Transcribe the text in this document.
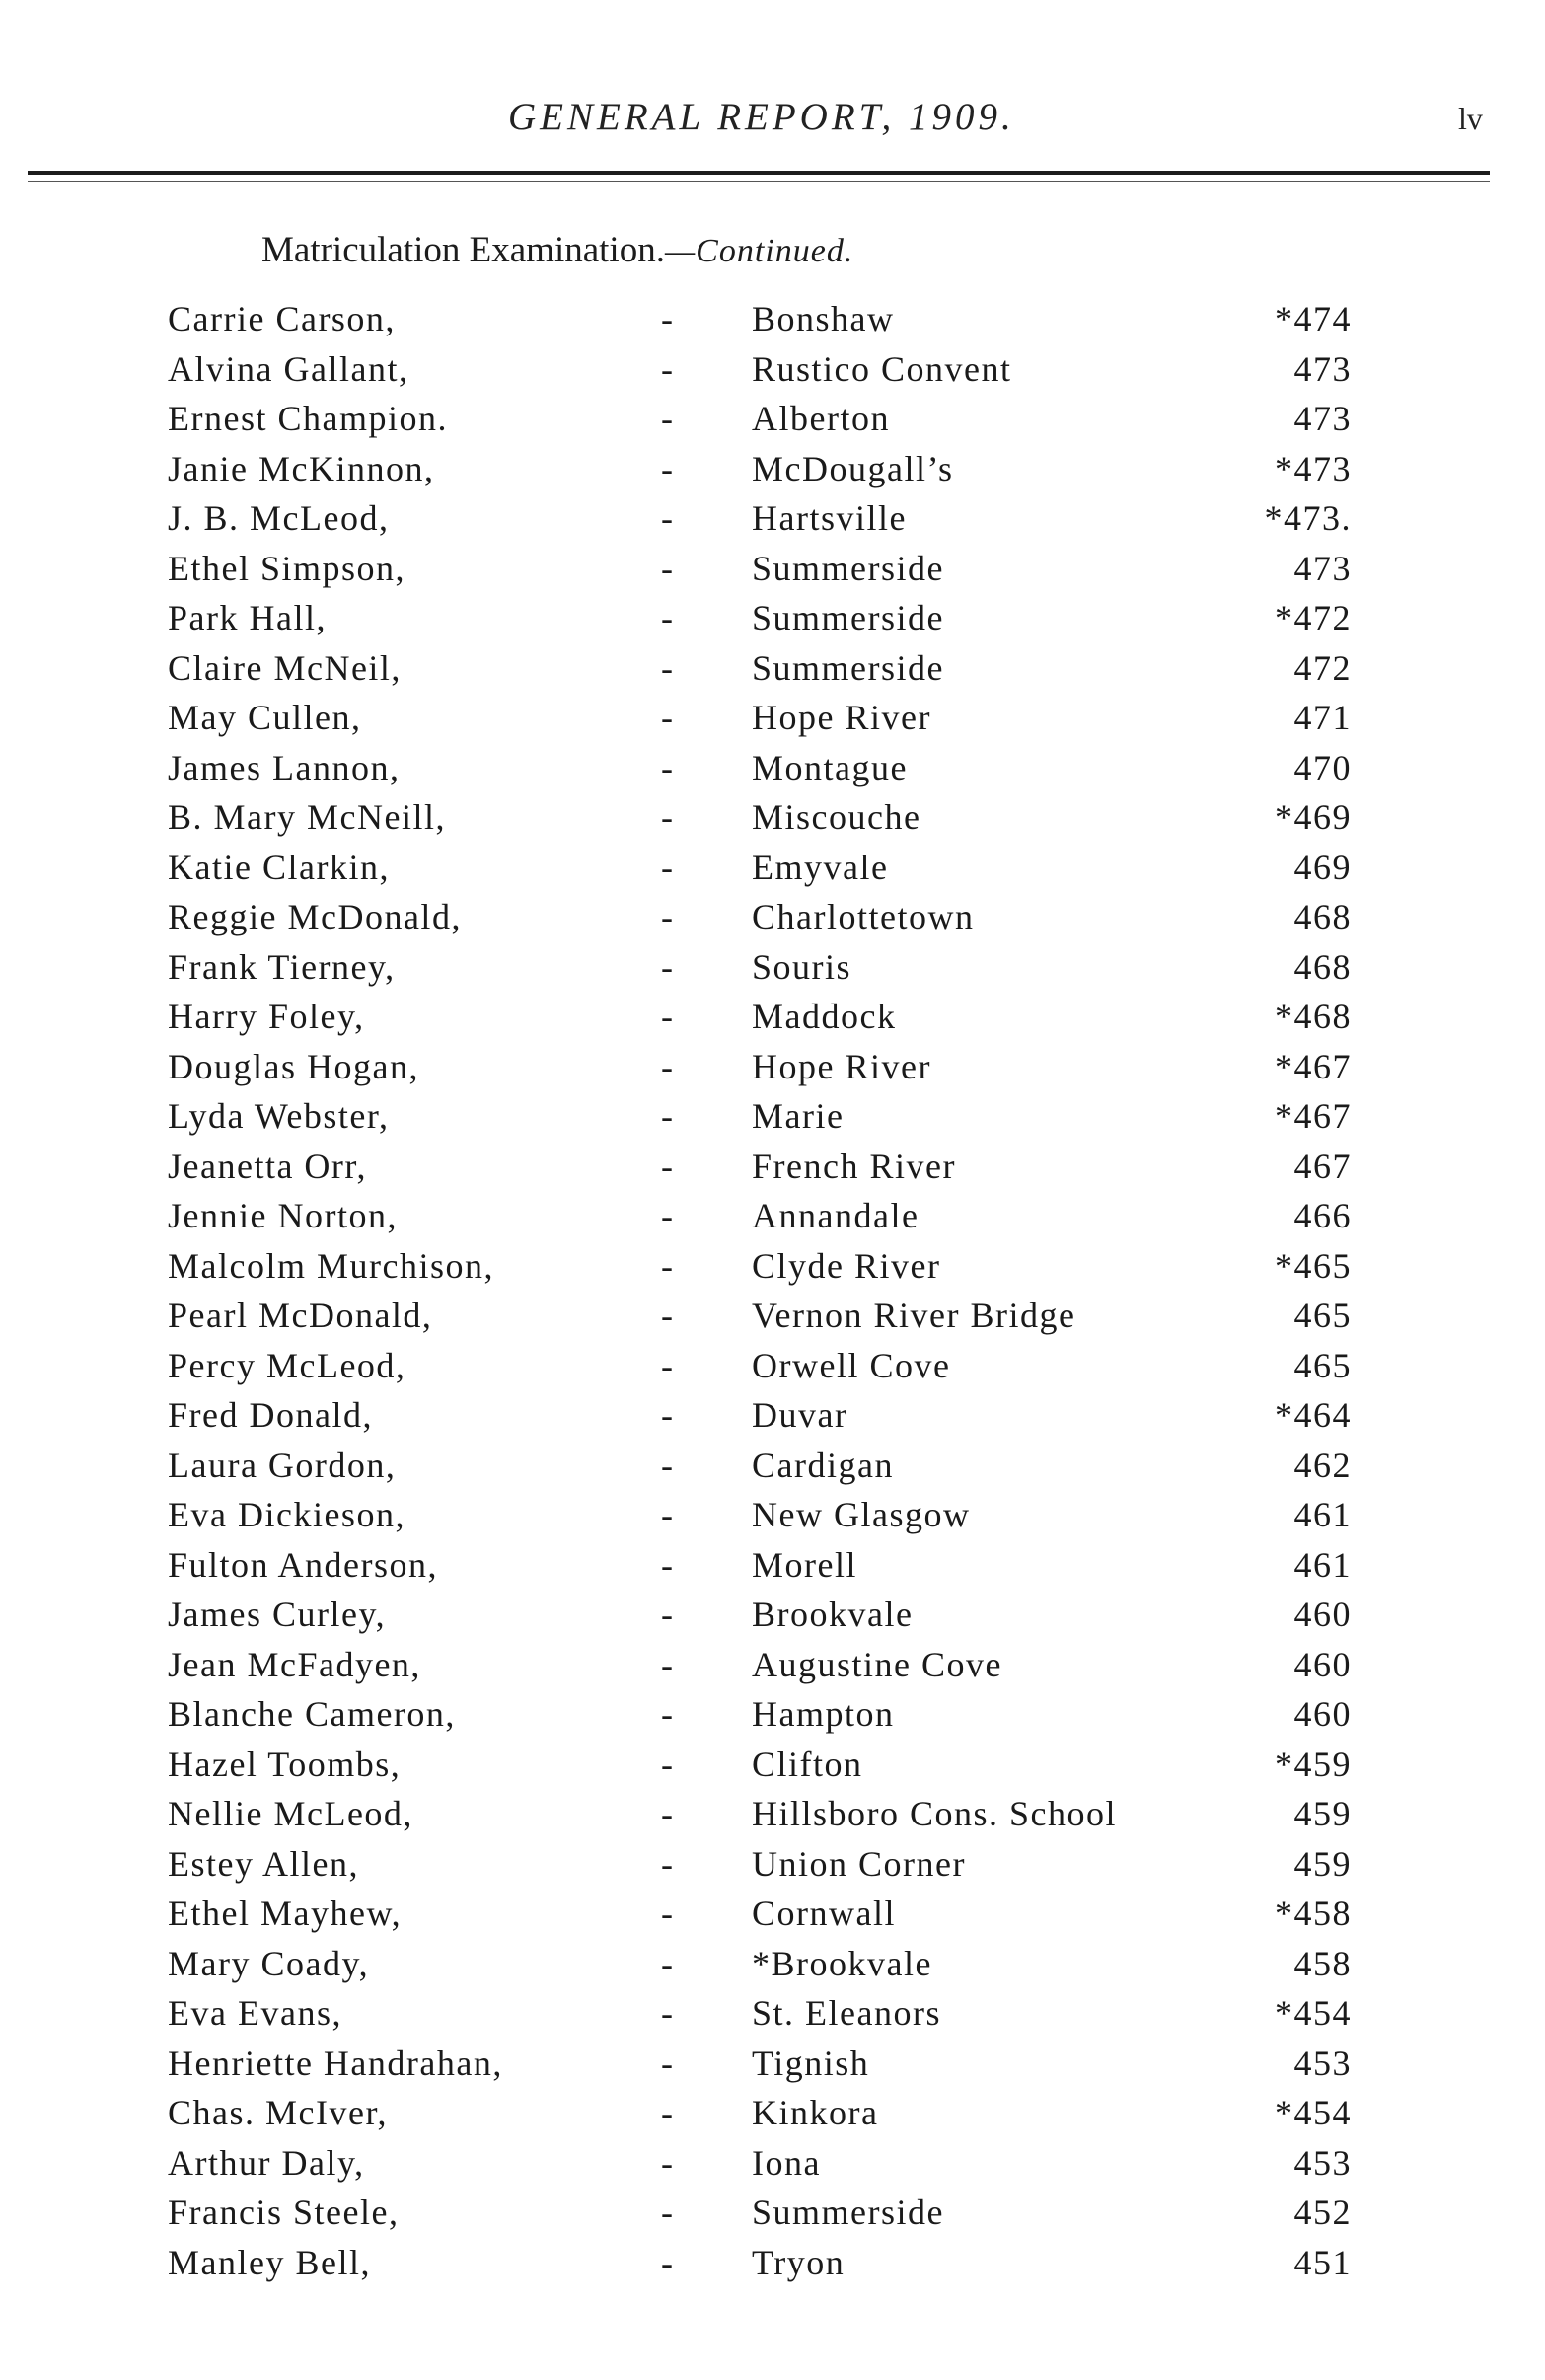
GENERAL REPORT, 1909.	lv
Matriculation Examination.—Continued.
Carrie Carson,	- Bonshaw	*474
Alvina Gallant,	- Rustico Convent	473
Ernest Champion.	- Alberton	473
Janie McKinnon,	- McDougall’s	*473
J. B. McLeod,	- Hartsville	*473.
Ethel Simpson,	- Summerside	473
Park Hall,	- Summerside	*472
Claire McNeil,	- Summerside	472
May Cullen,	- Hope River	471
James Lannon,	- Montague	470
B. Mary McNeill,	- Miscouche	*469
Katie Clarkin,	- Emyvale	469
Reggie McDonald,	- Charlottetown	468
Frank Tierney,	- Souris	468
Harry Foley,	- Maddock	*468
Douglas Hogan,	- Hope River	*467
Lyda Webster,	- Marie	*467
Jeanetta Orr,	- French River	467
Jennie Norton,	- Annandale	466
Malcolm Murchison,	- Clyde River	*465
Pearl McDonald,	- Vernon River Bridge	465
Percy McLeod,	- Orwell Cove	465
Fred Donald,	- Duvar	*464
Laura Gordon,	- Cardigan	462
Eva Dickieson,	- New Glasgow	461
Fulton Anderson,	- Morell	461
James Curley,	- Brookvale	460
Jean McFadyen,	- Augustine Cove	460
Blanche Cameron,	- Hampton	460
Hazel Toombs,	- Clifton	*459
Nellie McLeod,	- Hillsboro Cons. School	459
Estey Allen,	- Union Corner	459
Ethel Mayhew,	- Cornwall	*458
Mary Coady,	- *Brookvale	458
Eva Evans,	- St. Eleanors	*454
Henriette Handrahan,	- Tignish	453
Chas. McIver,	- Kinkora	*454
Arthur Daly,	- Iona	453
Francis Steele,	- Summerside	452
Manley Bell,	- Tryon	451
